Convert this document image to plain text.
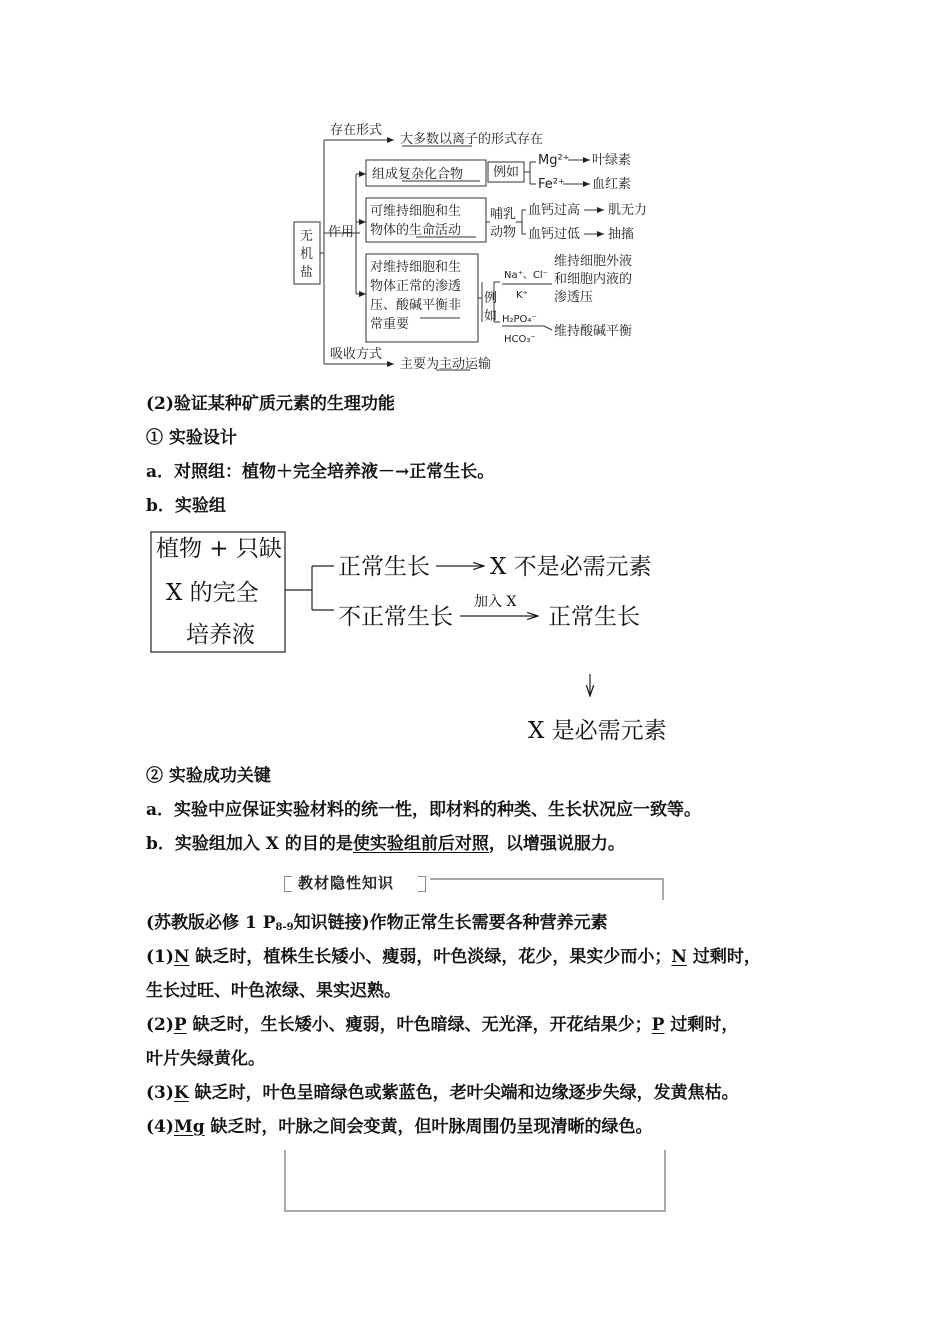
无
机
盐
存在形式
大多数以离子的形式存在
作用
组成复杂化合物 例如
Mg²⁺ 叶绿素
Fe²⁺ 血红素
可维持细胞和生
物体的生命活动
哺乳
动物
血钙过高 肌无力
血钙过低 抽搐
对维持细胞和生
物体正常的渗透
压、酸碱平衡非
常重要
例
如
Na⁺、Cl⁻
K⁺
维持细胞外液
和细胞内液的
渗透压
H₂PO₄⁻
HCO₃⁻
维持酸碱平衡
吸收方式
主要为主动运输
(2)验证某种矿质元素的生理功能
① 实验设计
a．对照组：植物＋完全培养液－→正常生长。
b．实验组
植物 + 只缺
X 的完全
培养液
正常生长	X 不是必需元素
不正常生长
加入 X
正常生长
X 是必需元素
② 实验成功关键
a．实验中应保证实验材料的统一性，即材料的种类、生长状况应一致等。
b．实验组加入 X 的目的是使实验组前后对照，以增强说服力。
教材隐性知识
(苏教版必修 1 $P_{8-9}$知识链接)作物正常生长需要各种营养元素
(1)N 缺乏时，植株生长矮小、瘦弱，叶色淡绿，花少，果实少而小；N 过剩时，
生长过旺、叶色浓绿、果实迟熟。
(2)P 缺乏时，生长矮小、瘦弱，叶色暗绿、无光泽，开花结果少；P 过剩时，
叶片失绿黄化。
(3)K 缺乏时，叶色呈暗绿色或紫蓝色，老叶尖端和边缘逐步失绿，发黄焦枯。
(4)Mg 缺乏时，叶脉之间会变黄，但叶脉周围仍呈现清晰的绿色。
